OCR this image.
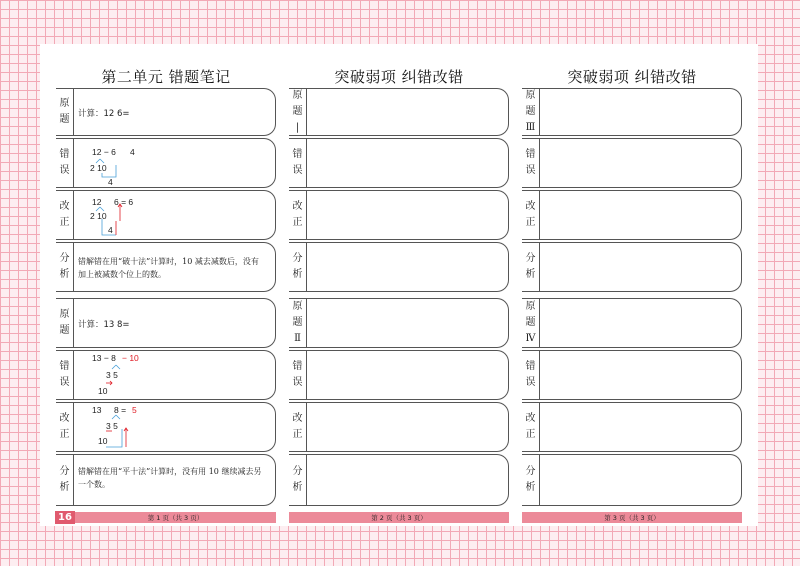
第二单元 错题笔记	突破弱项 纠错改错	突破弱项 纠错改错
原
题 计算：12 6=
错
误
12 − 6 4
2 10
4
改
正
12 6 = 6
2 10
4
分
析
错解错在用“破十法”计算时，10 减去减数后，没有加上被减数个位上的数。
原
题 计算：13 8=
错
误
13 − 8 − 10
3 5
10
改
正
13 8 = 5
3 5
10
分
析
错解错在用“平十法”计算时，没有用 10 继续减去另一个数。
原
题
|
错
误
改
正
分
析
原
题
Ⅱ
错
误
改
正
分
析
原
题
Ⅲ
错
误
改
正
分
析
原
题
Ⅳ
错
误
改
正
分
析
16	第 1 页（共 3 页）	第 2 页（共 3 页）	第 3 页（共 3 页）
